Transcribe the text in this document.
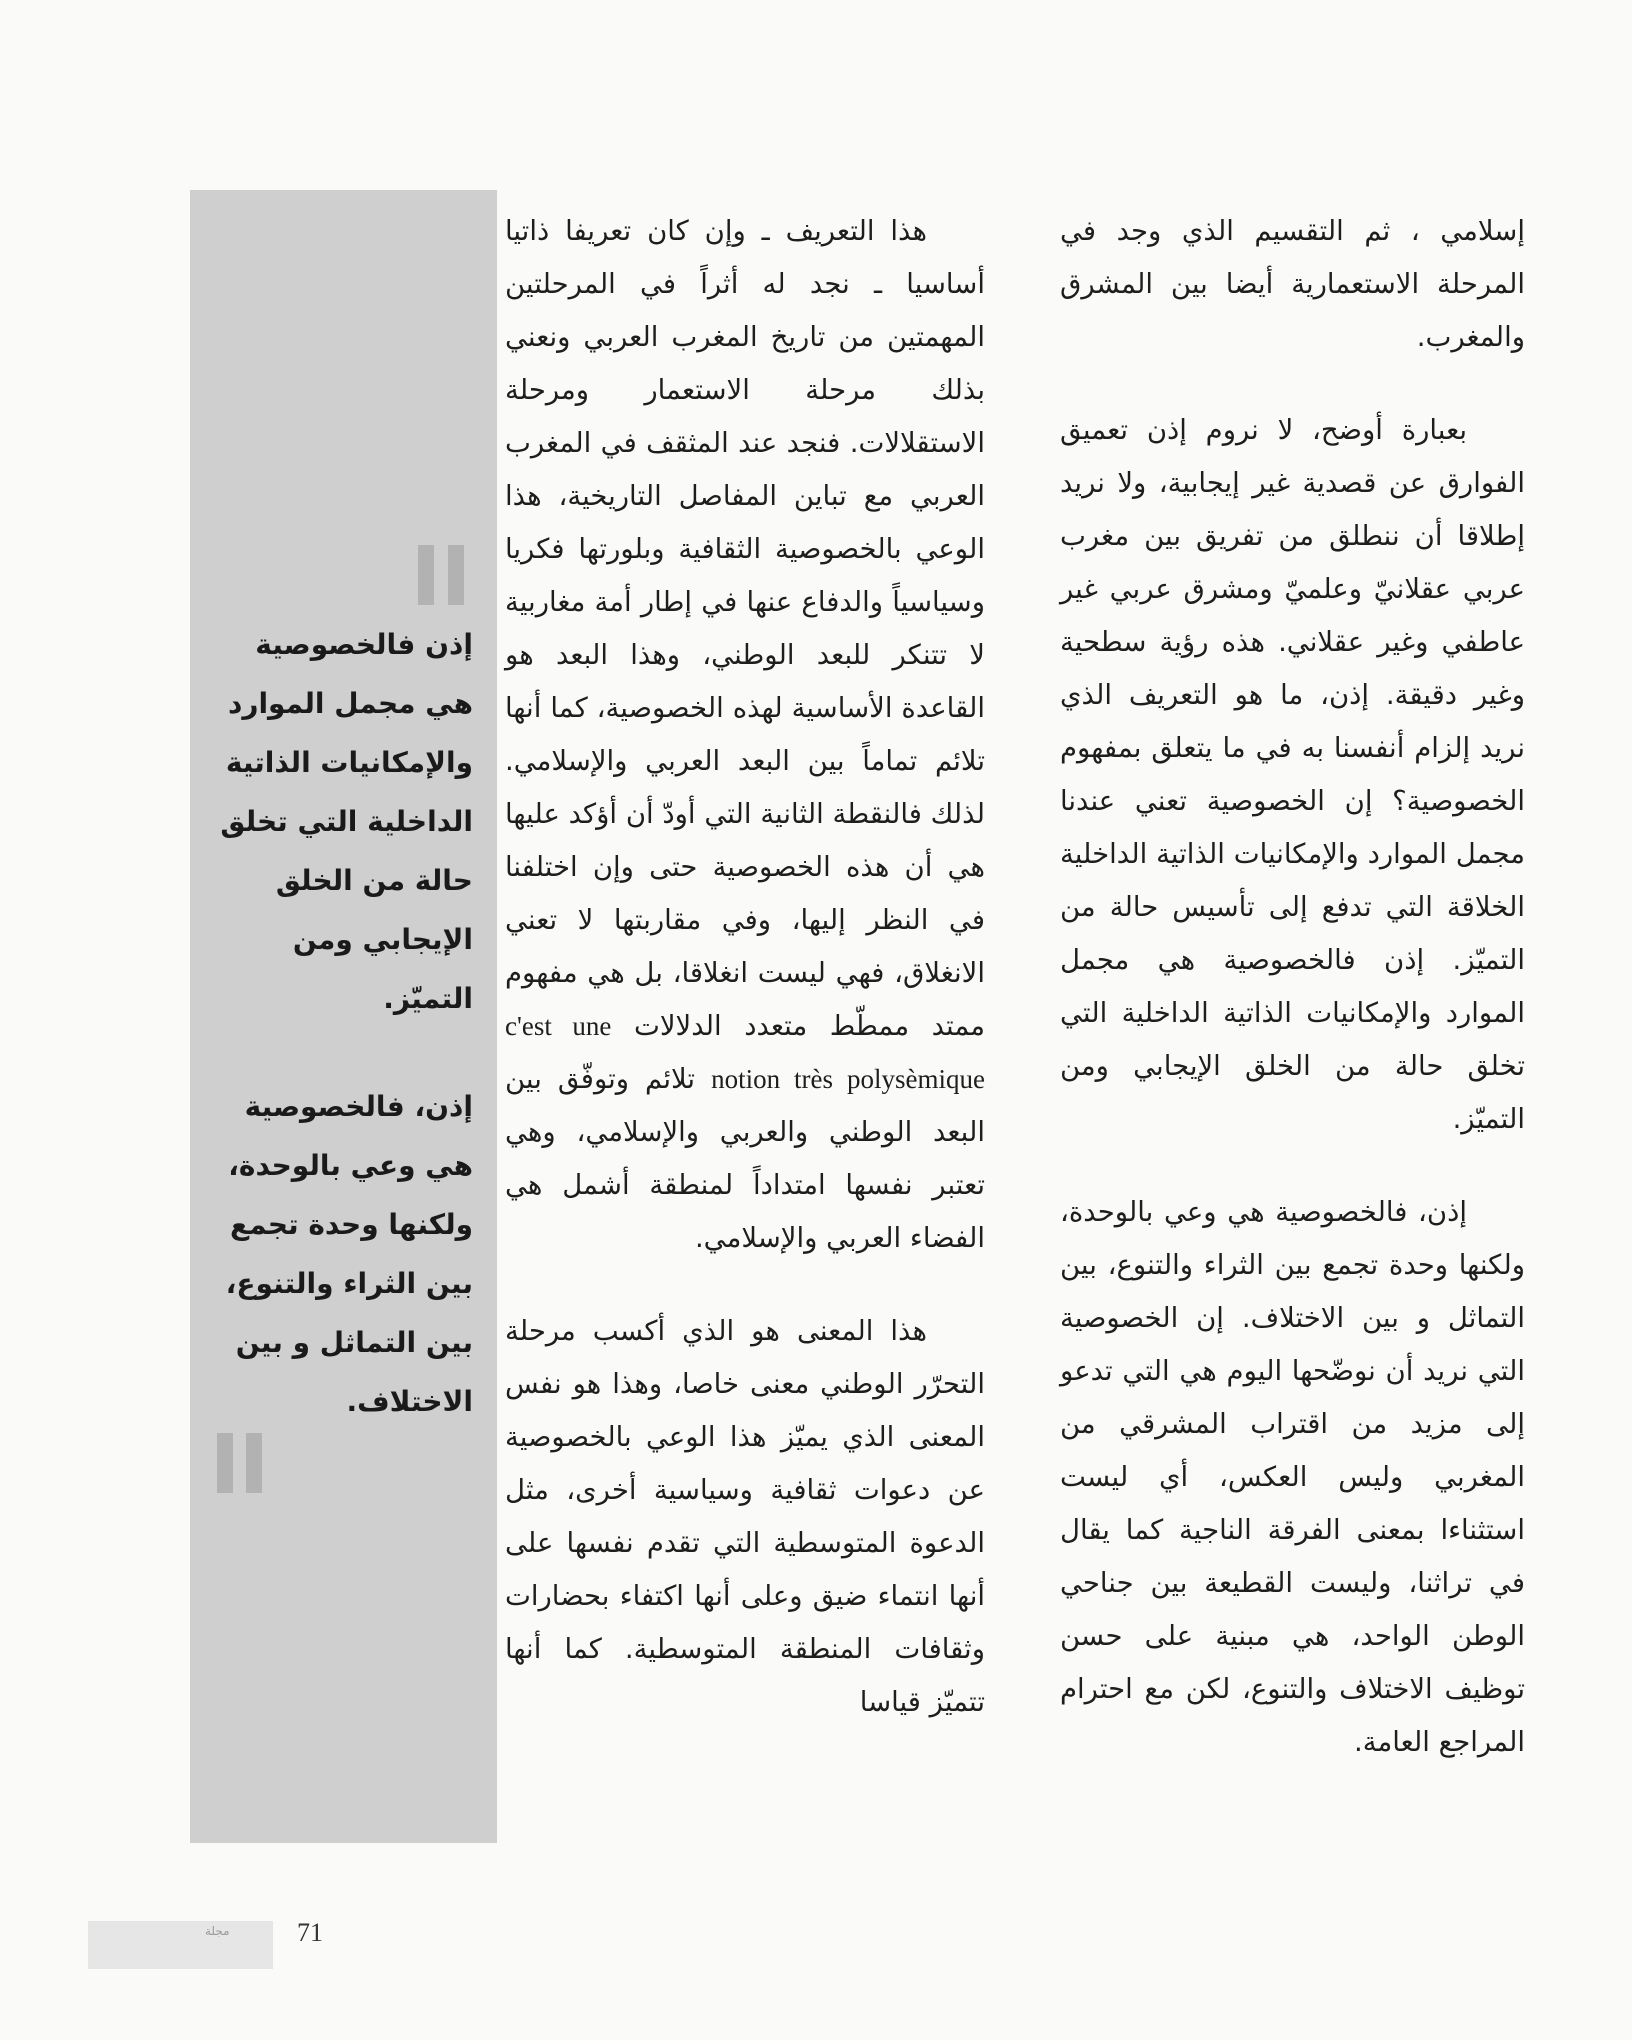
إذن فالخصوصية هي مجمل الموارد والإمكانيات الذاتية الداخلية التي تخلق حالة من الخلق الإيجابي ومن التميّز.

إذن، فالخصوصية هي وعي بالوحدة، ولكنها وحدة تجمع بين الثراء والتنوع، بين التماثل و بين الاختلاف.

هذا التعريف ـ وإن كان تعريفا ذاتيا أساسيا ـ نجد له أثراً في المرحلتين المهمتين من تاريخ المغرب العربي ونعني بذلك مرحلة الاستعمار ومرحلة الاستقلالات. فنجد عند المثقف في المغرب العربي مع تباين المفاصل التاريخية، هذا الوعي بالخصوصية الثقافية وبلورتها فكريا وسياسياً والدفاع عنها في إطار أمة مغاربية لا تتنكر للبعد الوطني، وهذا البعد هو القاعدة الأساسية لهذه الخصوصية، كما أنها تلائم تماماً بين البعد العربي والإسلامي. لذلك فالنقطة الثانية التي أودّ أن أؤكد عليها هي أن هذه الخصوصية حتى وإن اختلفنا في النظر إليها، وفي مقاربتها لا تعني الانغلاق، فهي ليست انغلاقا، بل هي مفهوم ممتد ممطّط متعدد الدلالات c'est une notion très polysèmique تلائم وتوفّق بين البعد الوطني والعربي والإسلامي، وهي تعتبر نفسها امتداداً لمنطقة أشمل هي الفضاء العربي والإسلامي.

هذا المعنى هو الذي أكسب مرحلة التحرّر الوطني معنى خاصا، وهذا هو نفس المعنى الذي يميّز هذا الوعي بالخصوصية عن دعوات ثقافية وسياسية أخرى، مثل الدعوة المتوسطية التي تقدم نفسها على أنها انتماء ضيق وعلى أنها اكتفاء بحضارات وثقافات المنطقة المتوسطية. كما أنها تتميّز قياسا

إسلامي ، ثم التقسيم الذي وجد في المرحلة الاستعمارية أيضا بين المشرق والمغرب.

بعبارة أوضح، لا نروم إذن تعميق الفوارق عن قصدية غير إيجابية، ولا نريد إطلاقا أن ننطلق من تفريق بين مغرب عربي عقلانيّ وعلميّ ومشرق عربي غير عاطفي وغير عقلاني. هذه رؤية سطحية وغير دقيقة. إذن، ما هو التعريف الذي نريد إلزام أنفسنا به في ما يتعلق بمفهوم الخصوصية؟ إن الخصوصية تعني عندنا مجمل الموارد والإمكانيات الذاتية الداخلية الخلاقة التي تدفع إلى تأسيس حالة من التميّز. إذن فالخصوصية هي مجمل الموارد والإمكانيات الذاتية الداخلية التي تخلق حالة من الخلق الإيجابي ومن التميّز.

إذن، فالخصوصية هي وعي بالوحدة، ولكنها وحدة تجمع بين الثراء والتنوع، بين التماثل و بين الاختلاف. إن الخصوصية التي نريد أن نوضّحها اليوم هي التي تدعو إلى مزيد من اقتراب المشرقي من المغربي وليس العكس، أي ليست استثناءا بمعنى الفرقة الناجية كما يقال في تراثنا، وليست القطيعة بين جناحي الوطن الواحد، هي مبنية على حسن توظيف الاختلاف والتنوع، لكن مع احترام المراجع العامة.

مجلة	71
